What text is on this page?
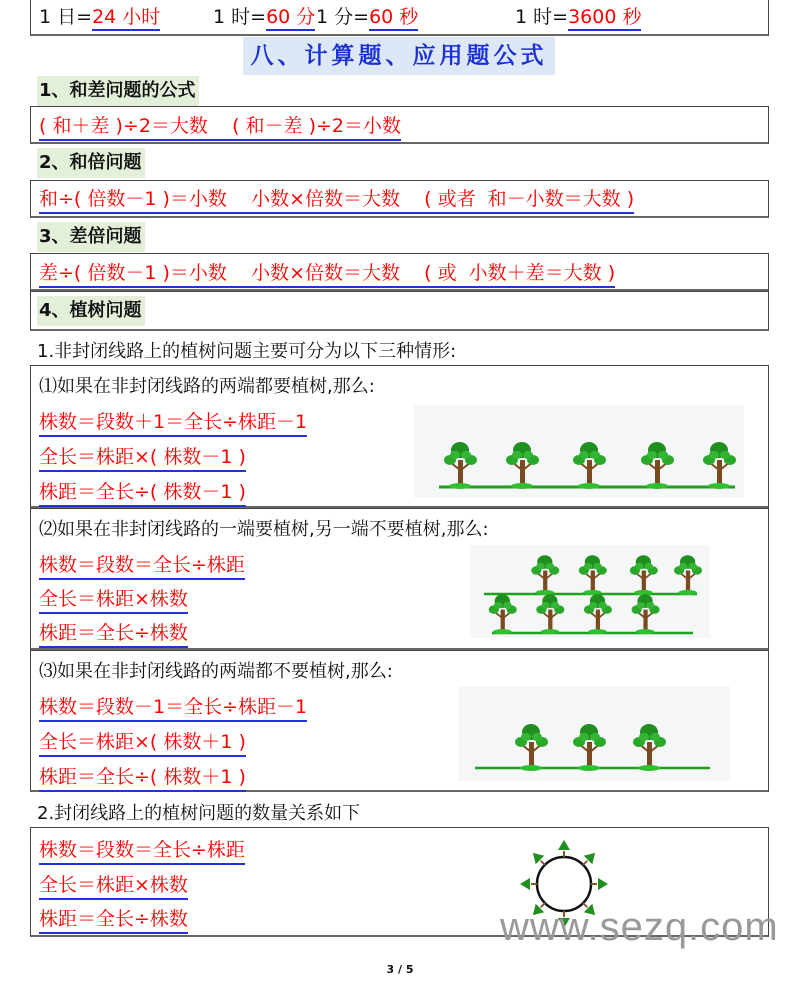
1 日=24 小时	1 时=60 分 1 分=60 秒	1 时=3600 秒
八、计算题、应用题公式
1、和差问题的公式
( 和＋差 )÷2＝大数    ( 和－差 )÷2＝小数
2、和倍问题
和÷( 倍数－1 )＝小数    小数×倍数＝大数    ( 或者  和－小数＝大数 )
3、差倍问题
差÷( 倍数－1 )＝小数    小数×倍数＝大数    ( 或  小数＋差＝大数 )
4、植树问题
1.非封闭线路上的植树问题主要可分为以下三种情形:
⑴如果在非封闭线路的两端都要植树,那么:
株数＝段数＋1＝全长÷株距－1
全长＝株距×( 株数－1 )
株距＝全长÷( 株数－1 )
⑵如果在非封闭线路的一端要植树,另一端不要植树,那么:
株数＝段数＝全长÷株距
全长＝株距×株数
株距＝全长÷株数
⑶如果在非封闭线路的两端都不要植树,那么:
株数＝段数－1＝全长÷株距－1
全长＝株距×( 株数＋1 )
株距＝全长÷( 株数＋1 )
2.封闭线路上的植树问题的数量关系如下
株数＝段数＝全长÷株距
全长＝株距×株数
株距＝全长÷株数	www.sezq.com
3 / 5
